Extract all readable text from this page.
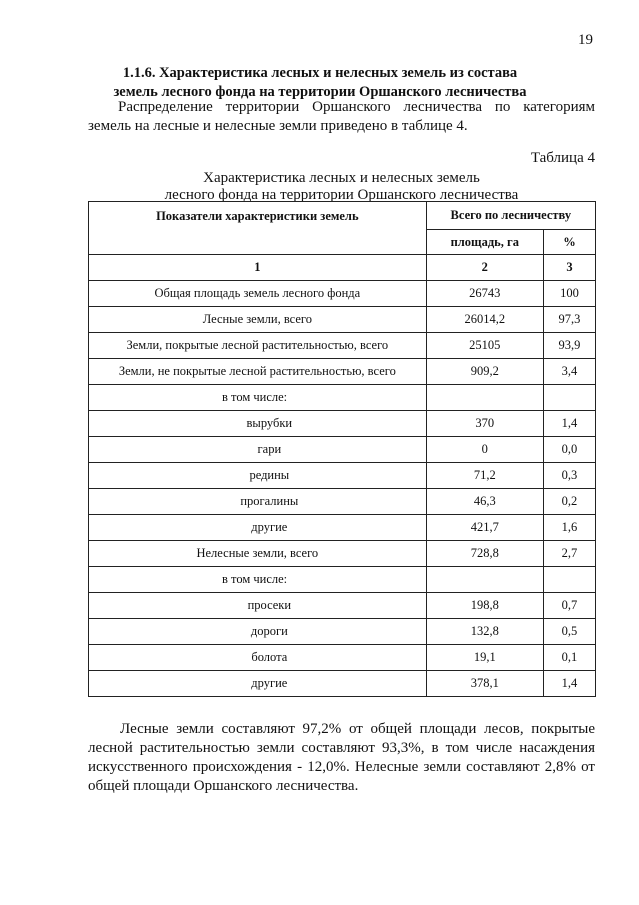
19
1.1.6. Характеристика лесных и нелесных земель из состава
земель лесного фонда на территории Оршанского лесничества
Распределение территории Оршанского лесничества по категориям земель на лесные и нелесные земли приведено в таблице 4.
Таблица 4
Характеристика лесных и нелесных земель
лесного фонда на территории Оршанского лесничества
Показатели характеристики земель	Всего по лесничеству	
	площадь, га	%
1	2	3
Общая площадь земель лесного фонда	26743	100
Лесные земли, всего	26014,2	97,3
Земли, покрытые лесной растительностью, всего	25105	93,9
Земли, не покрытые лесной растительностью, всего	909,2	3,4
в том числе:		
вырубки	370	1,4
гари	0	0,0
редины	71,2	0,3
прогалины	46,3	0,2
другие	421,7	1,6
Нелесные земли, всего	728,8	2,7
в том числе:		
просеки	198,8	0,7
дороги	132,8	0,5
болота	19,1	0,1
другие	378,1	1,4
Лесные земли составляют 97,2% от общей площади лесов, покрытые лесной растительностью земли составляют 93,3%, в том числе насаждения искусственного происхождения - 12,0%. Нелесные земли составляют 2,8% от общей площади Оршанского лесничества.
